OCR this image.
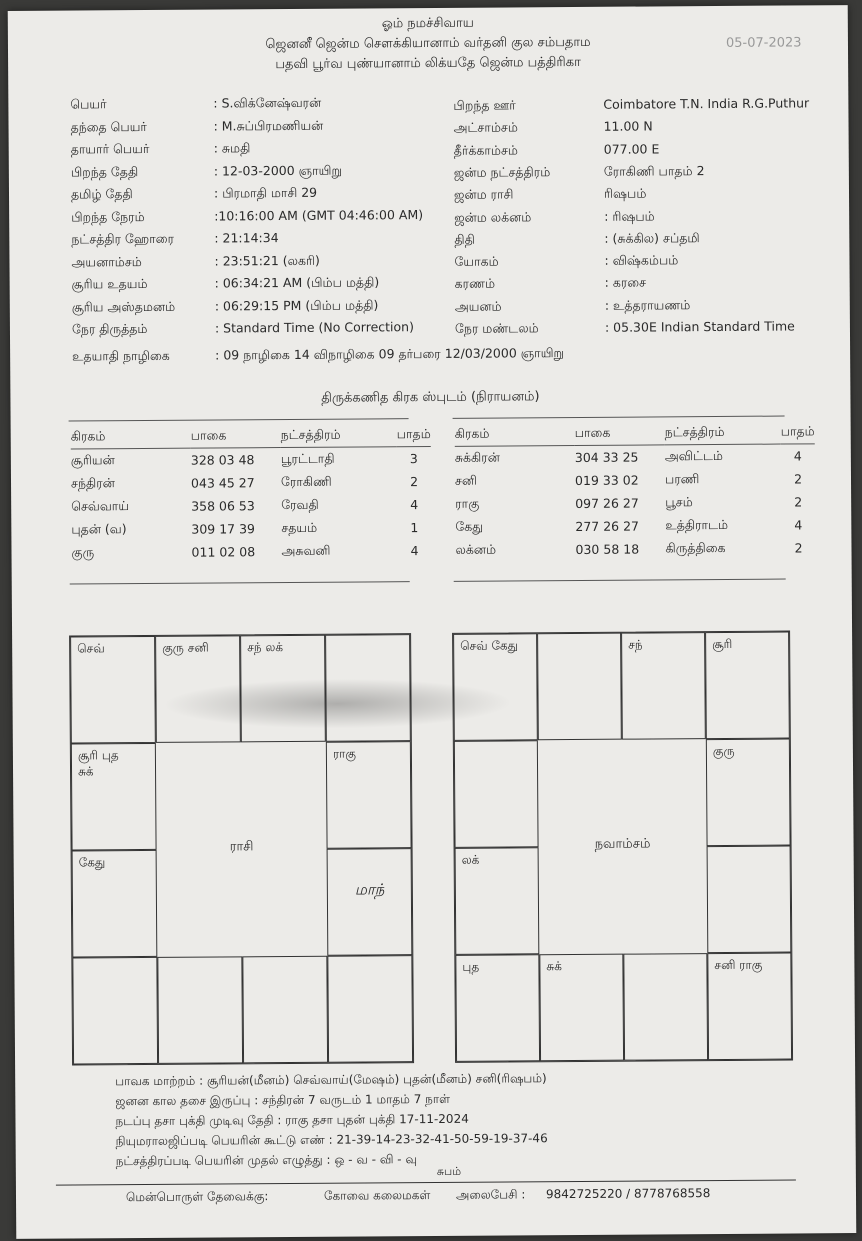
ஓம் நமச்சிவாய
ஜெனனீ ஜென்ம சௌக்கியானாம் வர்தனி குல சம்பதாம
பதவி பூர்வ புண்யானாம் லிக்யதே ஜென்ம பத்திரிகா
05-07-2023
பெயர்	: S.விக்னேஷ்வரன்
தந்தை பெயர்	: M.சுப்பிரமணியன்
தாயார் பெயர்	: சுமதி
பிறந்த தேதி	: 12-03-2000 ஞாயிறு
தமிழ் தேதி	: பிரமாதி மாசி 29
பிறந்த நேரம்	:10:16:00 AM (GMT 04:46:00 AM)
நட்சத்திர ஹோரை	: 21:14:34
அயனாம்சம்	: 23:51:21 (லகரி)
சூரிய உதயம்	: 06:34:21 AM (பிம்ப மத்தி)
சூரிய அஸ்தமனம்	: 06:29:15 PM (பிம்ப மத்தி)
நேர திருத்தம்	: Standard Time (No Correction)
பிறந்த ஊர்	Coimbatore T.N. India R.G.Puthur
அட்சாம்சம்	11.00 N
தீர்க்காம்சம்	077.00 E
ஜன்ம நட்சத்திரம்	ரோகிணி பாதம் 2
ஜன்ம ராசி	ரிஷபம்
ஜன்ம லக்னம்	: ரிஷபம்
திதி	: (சுக்கில) சப்தமி
யோகம்	: விஷ்கம்பம்
கரணம்	: கரசை
அயனம்	: உத்தராயணம்
நேர மண்டலம்	: 05.30E Indian Standard Time
உதயாதி நாழிகை	: 09 நாழிகை 14 விநாழிகை 09 தர்பரை 12/03/2000 ஞாயிறு
திருக்கணித கிரக ஸ்புடம் (நிராயனம்)
கிரகம்	பாகை	நட்சத்திரம்	பாதம்
சூரியன்	328 03 48	பூரட்டாதி	3
சந்திரன்	043 45 27	ரோகிணி	2
செவ்வாய்	358 06 53	ரேவதி	4
புதன் (வ)	309 17 39	சதயம்	1
குரு	011 02 08	அசுவனி	4
கிரகம்	பாகை	நட்சத்திரம்	பாதம்
சுக்கிரன்	304 33 25	அவிட்டம்	4
சனி	019 33 02	பரணி	2
ராகு	097 26 27	பூசம்	2
கேது	277 26 27	உத்திராடம்	4
லக்னம்	030 58 18	கிருத்திகை	2
செவ்	குரு சனி	சந் லக்
சூரி புத
சுக்
ராகு
கேது
ராசி
மாந்
செவ் கேது	சந்	சூரி
குரு
லக்
புத	சுக்	சனி ராகு
நவாம்சம்
பாவக மாற்றம் : சூரியன்(மீனம்) செவ்வாய்(மேஷம்) புதன்(மீனம்) சனி(ரிஷபம்)
ஜனன கால தசை இருப்பு : சந்திரன் 7 வருடம் 1 மாதம் 7 நாள்
நடப்பு தசா புக்தி முடிவு தேதி : ராகு தசா புதன் புக்தி 17-11-2024
நியுமராலஜிப்படி பெயரின் கூட்டு எண் : 21-39-14-23-32-41-50-59-19-37-46
நட்சத்திரப்படி பெயரின் முதல் எழுத்து : ஒ - வ - வி - வு
சுபம்
மென்பொருள் தேவைக்கு:	கோவை கலைமகள் அலைபேசி : 9842725220 / 8778768558
